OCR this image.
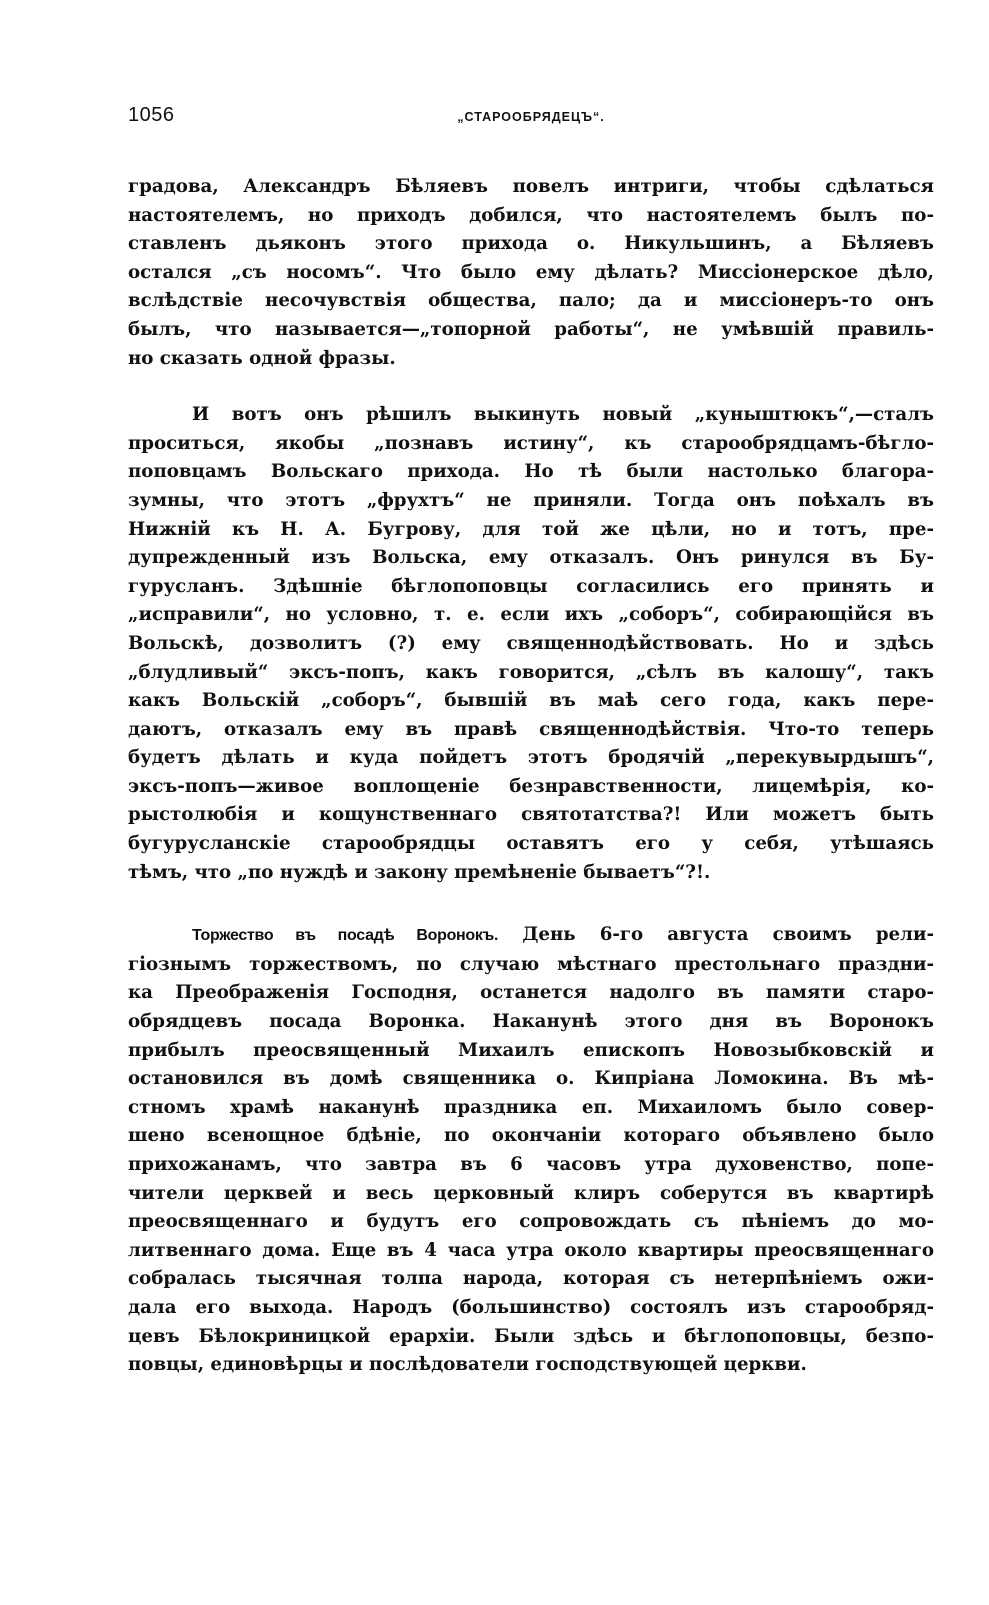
1056	„СТАРООБРЯДЕЦЪ“.

градова, Александръ Бѣляевъ повелъ интриги, чтобы сдѣлаться
настоятелемъ, но приходъ добился, что настоятелемъ былъ по-
ставленъ дьяконъ этого прихода о. Никульшинъ, а Бѣляевъ
остался „съ носомъ“. Что было ему дѣлать? Миссіонерское дѣло,
вслѣдствіе несочувствія общества, пало; да и миссіонеръ-то онъ
былъ, что называется—„топорной работы“, не умѣвшій правиль-
но сказать одной фразы.

И вотъ онъ рѣшилъ выкинуть новый „куныштюкъ“,—сталъ
проситься, якобы „познавъ истину“, къ старообрядцамъ-бѣгло-
поповцамъ Вольскаго прихода. Но тѣ были настолько благора-
зумны, что этотъ „фрухтъ“ не приняли. Тогда онъ поѣхалъ въ
Нижній къ Н. А. Бугрову, для той же цѣли, но и тотъ, пре-
дупрежденный изъ Вольска, ему отказалъ. Онъ ринулся въ Бу-
гурусланъ. Здѣшніе бѣглопоповцы согласились его принять и
„исправили“, но условно, т. е. если ихъ „соборъ“, собирающійся въ
Вольскѣ, дозволитъ (?) ему священнодѣйствовать. Но и здѣсь
„блудливый“ эксъ-попъ, какъ говорится, „сѣлъ въ калошу“, такъ
какъ Вольскій „соборъ“, бывшій въ маѣ сего года, какъ пере-
даютъ, отказалъ ему въ правѣ священнодѣйствія. Что-то теперь
будетъ дѣлать и куда пойдетъ этотъ бродячій „перекувырдышъ“,
эксъ-попъ—живое воплощеніе безнравственности, лицемѣрія, ко-
рыстолюбія и кощунственнаго святотатства?! Или можетъ быть
бугурусланскіе старообрядцы оставятъ его у себя, утѣшаясь
тѣмъ, что „по нуждѣ и закону премѣненіе бываетъ“?!.

Торжество въ посадѣ Воронокъ. День 6-го августа своимъ рели-
гіознымъ торжествомъ, по случаю мѣстнаго престольнаго праздни-
ка Преображенія Господня, останется надолго въ памяти старо-
обрядцевъ посада Воронка. Наканунѣ этого дня въ Воронокъ
прибылъ преосвященный Михаилъ епископъ Новозыбковскій и
остановился въ домѣ священника о. Кипріана Ломокина. Въ мѣ-
стномъ храмѣ наканунѣ праздника еп. Михаиломъ было совер-
шено всенощное бдѣніе, по окончаніи котораго объявлено было
прихожанамъ, что завтра въ 6 часовъ утра духовенство, попе-
чители церквей и весь церковный клиръ соберутся въ квартирѣ
преосвященнаго и будутъ его сопровождать съ пѣніемъ до мо-
литвеннаго дома. Еще въ 4 часа утра около квартиры преосвященнаго
собралась тысячная толпа народа, которая съ нетерпѣніемъ ожи-
дала его выхода. Народъ (большинство) состоялъ изъ старообряд-
цевъ Бѣлокриницкой ерархіи. Были здѣсь и бѣглопоповцы, безпо-
повцы, единовѣрцы и послѣдователи господствующей церкви.
